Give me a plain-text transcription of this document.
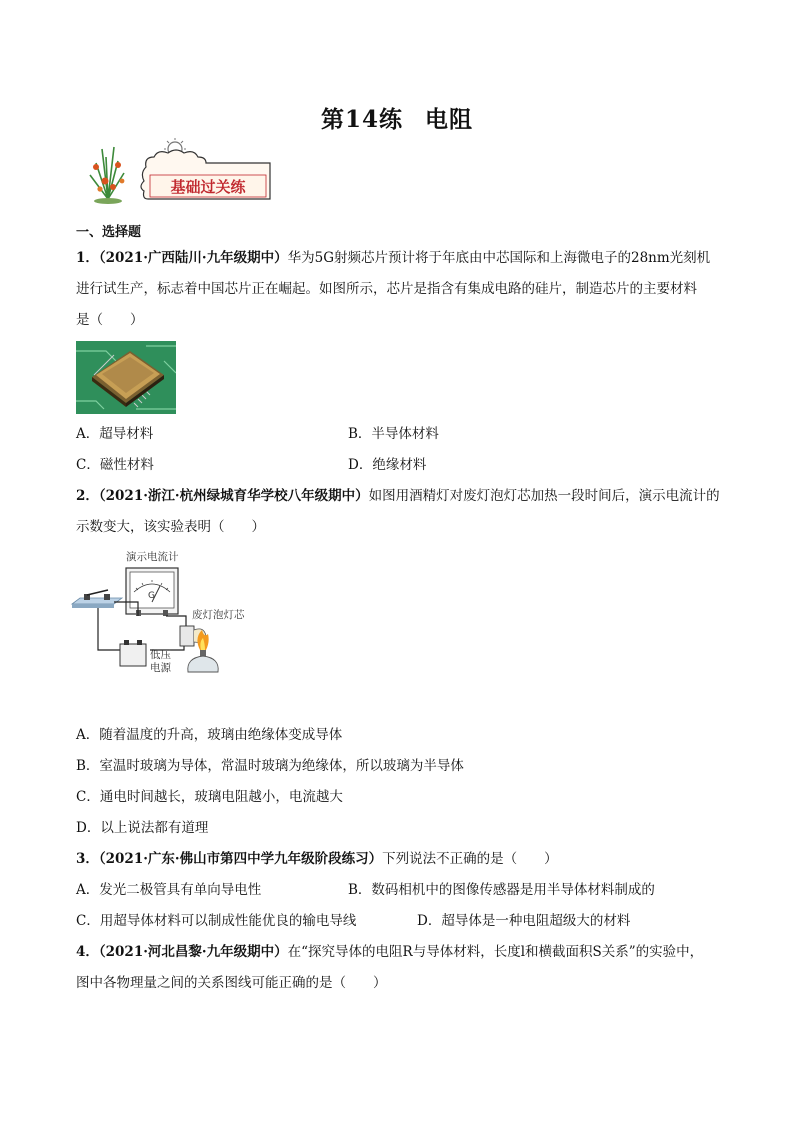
第14练 电阻
基础过关练
一、选择题
1．（2021·广西陆川·九年级期中）华为5G射频芯片预计将于年底由中芯国际和上海微电子的28nm光刻机
进行试生产，标志着中国芯片正在崛起。如图所示，芯片是指含有集成电路的硅片，制造芯片的主要材料
是（　　）
A．超导材料	B．半导体材料
C．磁性材料	D．绝缘材料
2．（2021·浙江·杭州绿城育华学校八年级期中）如图用酒精灯对废灯泡灯芯加热一段时间后，演示电流计的
示数变大，该实验表明（　　）
演示电流计
G
低压
电源
废灯泡灯芯
A．随着温度的升高，玻璃由绝缘体变成导体
B．室温时玻璃为导体，常温时玻璃为绝缘体，所以玻璃为半导体
C．通电时间越长，玻璃电阻越小，电流越大
D．以上说法都有道理
3．（2021·广东·佛山市第四中学九年级阶段练习）下列说法不正确的是（　　）
A．发光二极管具有单向导电性	B．数码相机中的图像传感器是用半导体材料制成的
C．用超导体材料可以制成性能优良的输电导线	D．超导体是一种电阻超级大的材料
4．（2021·河北昌黎·九年级期中）在“探究导体的电阻R与导体材料，长度l和横截面积S关系”的实验中，
图中各物理量之间的关系图线可能正确的是（　　）
